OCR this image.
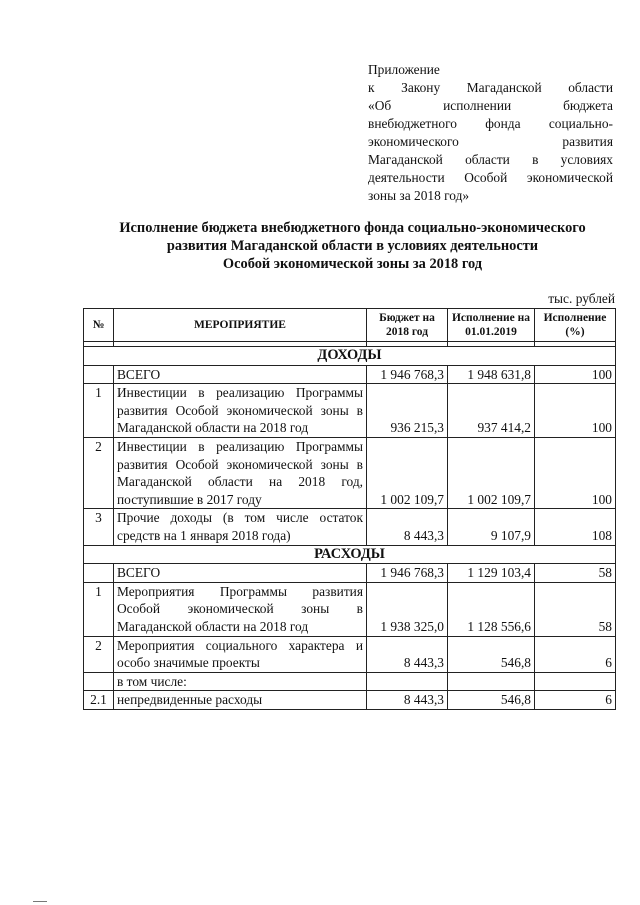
Приложение
к Закону Магаданской области
«Об исполнении бюджета
внебюджетного фонда социально-
экономического развития
Магаданской области в условиях
деятельности Особой экономической
зоны за 2018 год»
Исполнение бюджета внебюджетного фонда социально-экономического
развития Магаданской области в условиях деятельности
Особой экономической зоны за 2018 год
тыс. рублей
№	МЕРОПРИЯТИЕ	Бюджет на 2018 год	Исполнение на 01.01.2019	Исполнение (%)

ДОХОДЫ				
	ВСЕГО	1 946 768,3	1 948 631,8	100
1	Инвестиции в реализацию Программы развития Особой экономической зоны в Магаданской области на 2018 год	936 215,3	937 414,2	100
2	Инвестиции в реализацию Программы развития Особой экономической зоны в Магаданской области на 2018 год, поступившие в 2017 году	1 002 109,7	1 002 109,7	100
3	Прочие доходы (в том числе остаток средств на 1 января 2018 года)	8 443,3	9 107,9	108
РАСХОДЫ				
	ВСЕГО	1 946 768,3	1 129 103,4	58
1	Мероприятия Программы развития Особой экономической зоны в Магаданской области на 2018 год	1 938 325,0	1 128 556,6	58
2	Мероприятия социального характера и особо значимые проекты	8 443,3	546,8	6
	в том числе:			
2.1	непредвиденные расходы	8 443,3	546,8	6
